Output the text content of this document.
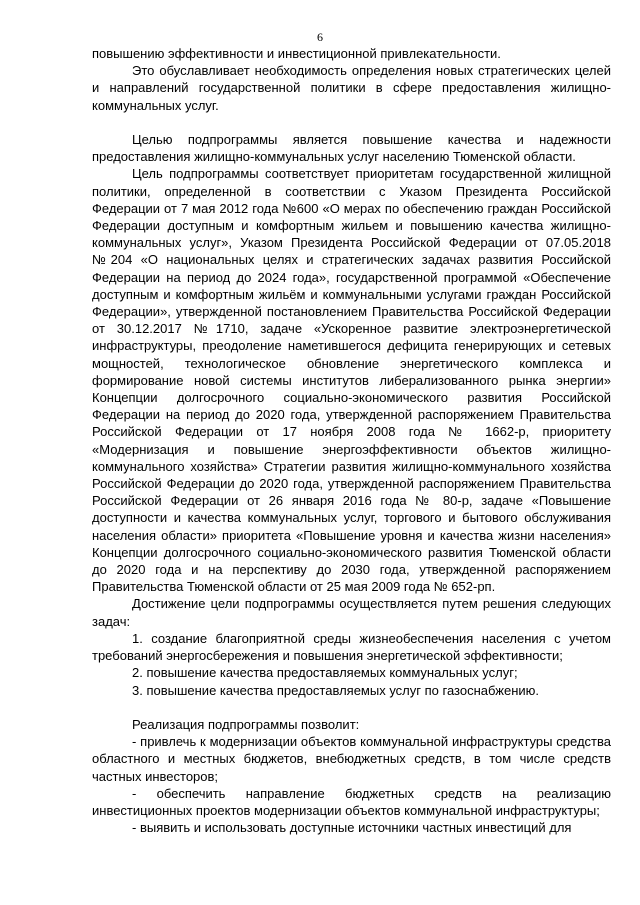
6

повышению эффективности и инвестиционной привлекательности.

Это обуславливает необходимость определения новых стратегических целей и направлений государственной политики в сфере предоставления жилищно-коммунальных услуг.

Целью подпрограммы является повышение качества и надежности предоставления жилищно-коммунальных услуг населению Тюменской области.

Цель подпрограммы соответствует приоритетам государственной жилищной политики, определенной в соответствии с Указом Президента Российской Федерации от 7 мая 2012 года №600 «О мерах по обеспечению граждан Российской Федерации доступным и комфортным жильем и повышению качества жилищно-коммунальных услуг», Указом Президента Российской Федерации от 07.05.2018 №204 «О национальных целях и стратегических задачах развития Российской Федерации на период до 2024 года», государственной программой «Обеспечение доступным и комфортным жильём и коммунальными услугами граждан Российской Федерации», утвержденной постановлением Правительства Российской Федерации от 30.12.2017 №1710, задаче «Ускоренное развитие электроэнергетической инфраструктуры, преодоление наметившегося дефицита генерирующих и сетевых мощностей, технологическое обновление энергетического комплекса и формирование новой системы институтов либерализованного рынка энергии» Концепции долгосрочного социально-экономического развития Российской Федерации на период до 2020 года, утвержденной распоряжением Правительства Российской Федерации от 17 ноября 2008 года № 1662-р, приоритету «Модернизация и повышение энергоэффективности объектов жилищно-коммунального хозяйства» Стратегии развития жилищно-коммунального хозяйства Российской Федерации до 2020 года, утвержденной распоряжением Правительства Российской Федерации от 26 января 2016 года № 80-р, задаче «Повышение доступности и качества коммунальных услуг, торгового и бытового обслуживания населения области» приоритета «Повышение уровня и качества жизни населения» Концепции долгосрочного социально-экономического развития Тюменской области до 2020 года и на перспективу до 2030 года, утвержденной распоряжением Правительства Тюменской области от 25 мая 2009 года № 652-рп.

Достижение цели подпрограммы осуществляется путем решения следующих задач:

1. создание благоприятной среды жизнеобеспечения населения с учетом требований энергосбережения и повышения энергетической эффективности;

2. повышение качества предоставляемых коммунальных услуг;

3. повышение качества предоставляемых услуг по газоснабжению.

Реализация подпрограммы позволит:

- привлечь к модернизации объектов коммунальной инфраструктуры средства областного и местных бюджетов, внебюджетных средств, в том числе средств частных инвесторов;

- обеспечить направление бюджетных средств на реализацию инвестиционных проектов модернизации объектов коммунальной инфраструктуры;

- выявить и использовать доступные источники частных инвестиций для
